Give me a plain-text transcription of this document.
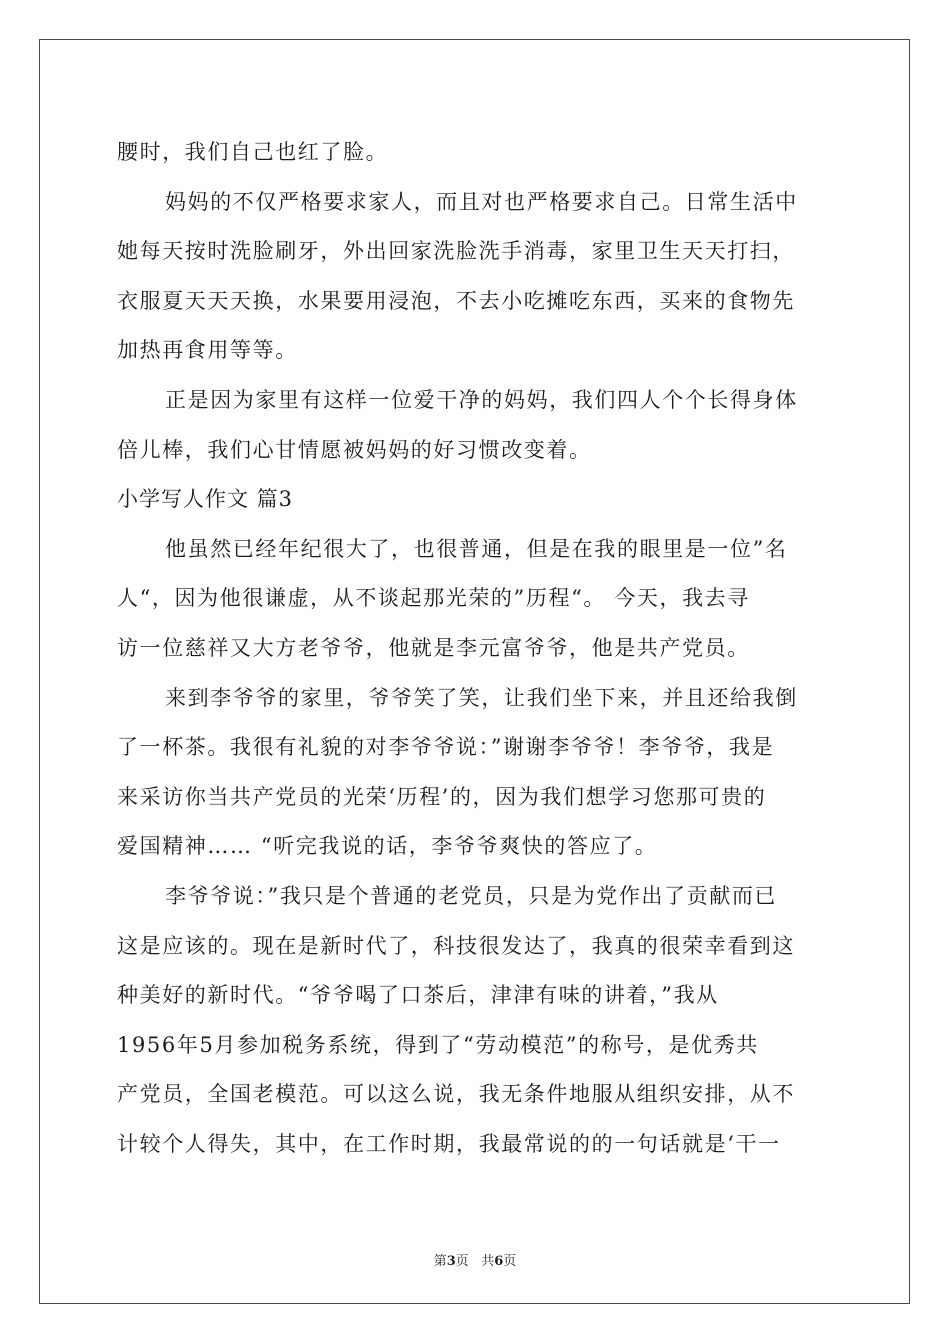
腰时，我们自己也红了脸。
妈妈的不仅严格要求家人，而且对也严格要求自己。日常生活中
她每天按时洗脸刷牙，外出回家洗脸洗手消毒，家里卫生天天打扫，
衣服夏天天天换，水果要用浸泡，不去小吃摊吃东西，买来的食物先
加热再食用等等。
正是因为家里有这样一位爱干净的妈妈，我们四人个个长得身体
倍儿棒，我们心甘情愿被妈妈的好习惯改变着。
小学写人作文 篇3
他虽然已经年纪很大了，也很普通，但是在我的眼里是一位”名
人“，因为他很谦虚，从不谈起那光荣的”历程“。 今天，我去寻
访一位慈祥又大方老爷爷，他就是李元富爷爷，他是共产党员。
来到李爷爷的家里，爷爷笑了笑，让我们坐下来，并且还给我倒
了一杯茶。我很有礼貌的对李爷爷说：”谢谢李爷爷！李爷爷，我是
来采访你当共产党员的光荣‘历程’的，因为我们想学习您那可贵的
爱国精神…… “听完我说的话，李爷爷爽快的答应了。
李爷爷说：”我只是个普通的老党员，只是为党作出了贡献而已
这是应该的。现在是新时代了，科技很发达了，我真的很荣幸看到这
种美好的新时代。“爷爷喝了口茶后，津津有味的讲着，”我从
1956年5月参加税务系统，得到了“劳动模范”的称号，是优秀共
产党员，全国老模范。可以这么说，我无条件地服从组织安排，从不
计较个人得失，其中，在工作时期，我最常说的的一句话就是‘干一
第3页 共6页
